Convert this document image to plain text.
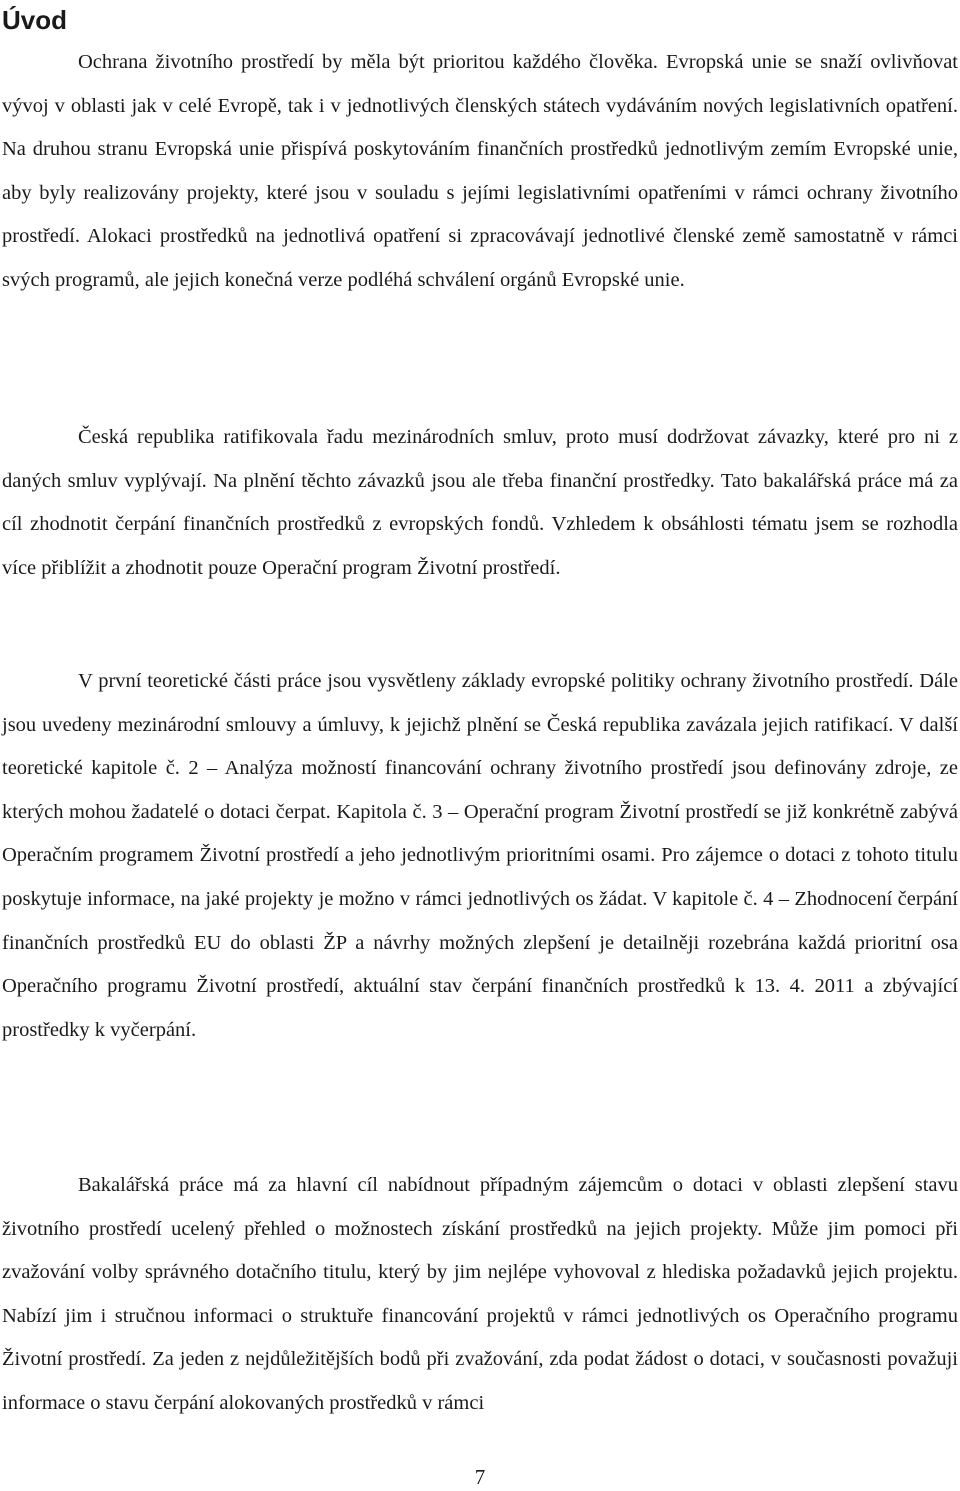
Úvod

Ochrana životního prostředí by měla být prioritou každého člověka. Evropská unie se snaží ovlivňovat vývoj v oblasti jak v celé Evropě, tak i v jednotlivých členských státech vydáváním nových legislativních opatření. Na druhou stranu Evropská unie přispívá poskytováním finančních prostředků jednotlivým zemím Evropské unie, aby byly realizovány projekty, které jsou v souladu s jejími legislativními opatřeními v rámci ochrany životního prostředí. Alokaci prostředků na jednotlivá opatření si zpracovávají jednotlivé členské země samostatně v rámci svých programů, ale jejich konečná verze podléhá schválení orgánů Evropské unie.

Česká republika ratifikovala řadu mezinárodních smluv, proto musí dodržovat závazky, které pro ni z daných smluv vyplývají. Na plnění těchto závazků jsou ale třeba finanční prostředky. Tato bakalářská práce má za cíl zhodnotit čerpání finančních prostředků z evropských fondů. Vzhledem k obsáhlosti tématu jsem se rozhodla více přiblížit a zhodnotit pouze Operační program Životní prostředí.

V první teoretické části práce jsou vysvětleny základy evropské politiky ochrany životního prostředí. Dále jsou uvedeny mezinárodní smlouvy a úmluvy, k jejichž plnění se Česká republika zavázala jejich ratifikací. V další teoretické kapitole č. 2 – Analýza možností financování ochrany životního prostředí jsou definovány zdroje, ze kterých mohou žadatelé o dotaci čerpat. Kapitola č. 3 – Operační program Životní prostředí se již konkrétně zabývá Operačním programem Životní prostředí a jeho jednotlivým prioritními osami. Pro zájemce o dotaci z tohoto titulu poskytuje informace, na jaké projekty je možno v rámci jednotlivých os žádat. V kapitole č. 4 – Zhodnocení čerpání finančních prostředků EU do oblasti ŽP a návrhy možných zlepšení je detailněji rozebrána každá prioritní osa Operačního programu Životní prostředí, aktuální stav čerpání finančních prostředků k 13. 4. 2011 a zbývající prostředky k vyčerpání.

Bakalářská práce má za hlavní cíl nabídnout případným zájemcům o dotaci v oblasti zlepšení stavu životního prostředí ucelený přehled o možnostech získání prostředků na jejich projekty. Může jim pomoci při zvažování volby správného dotačního titulu, který by jim nejlépe vyhovoval z hlediska požadavků jejich projektu. Nabízí jim i stručnou informaci o struktuře financování projektů v rámci jednotlivých os Operačního programu Životní prostředí. Za jeden z nejdůležitějších bodů při zvažování, zda podat žádost o dotaci, v současnosti považuji informace o stavu čerpání alokovaných prostředků v rámci

7
